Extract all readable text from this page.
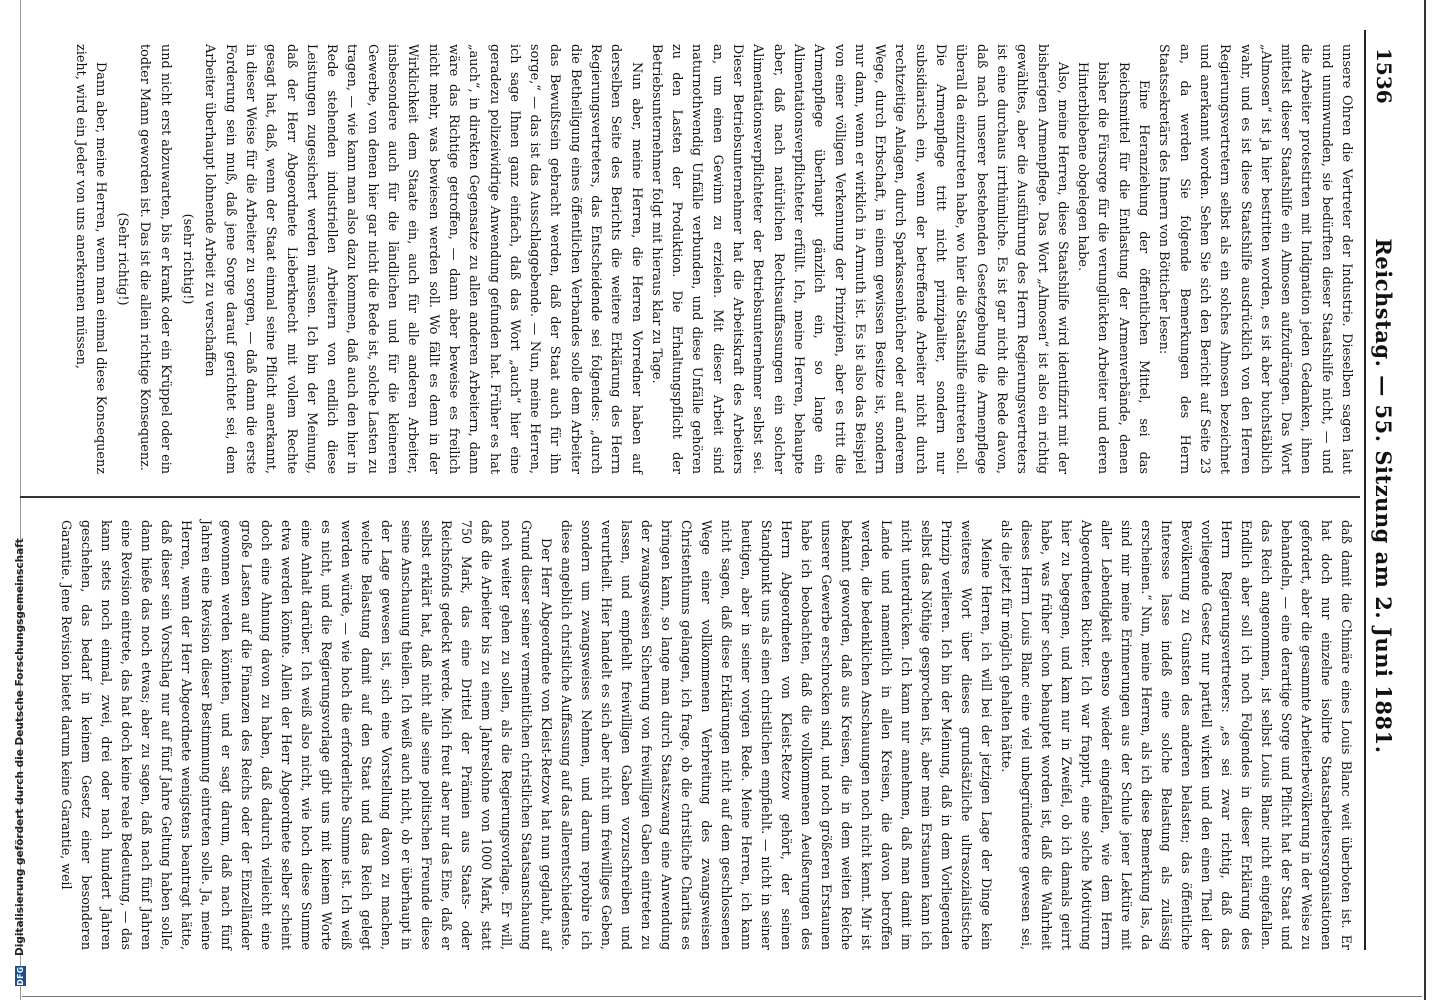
1536
Reichstag. — 55. Sitzung am 2. Juni 1881.

unsere Ohren die Vertreter der Industrie. Dieselben sagen laut und unumwunden, sie bedürften dieser Staatshilfe nicht, — und die Arbeiter protestirten mit Indignation jeden Gedanken, ihnen mittelst dieser Staatshilfe ein Almosen aufzudrängen. Das Wort „Almosen“ ist ja hier bestritten worden, es ist aber buchstäblich wahr, und es ist diese Staatshilfe ausdrücklich von den Herren Regierungsvertretern selbst als ein solches Almosen bezeichnet und anerkannt worden. Sehen Sie sich den Bericht auf Seite 23 an, da werden Sie folgende Bemerkungen des Herrn Staatssekretärs des Innern von Bötticher lesen:

Eine Heranziehung der öffentlichen Mittel, sei das Reichsmittel für die Entlastung der Armenverbände, denen bisher die Fürsorge für die verunglückten Arbeiter und deren Hinterbliebene obgelegen habe.

Also, meine Herren, diese Staatshilfe wird identifizirt mit der bisherigen Armenpflege. Das Wort „Almosen“ ist also ein richtig gewähltes, aber die Ausführung des Herrn Regierungsvertreters ist eine durchaus irrthümliche. Es ist gar nicht die Rede davon, daß nach unserer bestehenden Gesetzgebung die Armenpflege überall da einzutreten habe, wo hier die Staatshilfe eintreten soll. Die Armenpflege tritt nicht prinzipaliter, sondern nur subsidiarisch ein, wenn der betreffende Arbeiter nicht durch rechtzeitige Anlagen, durch Sparkassenbücher oder auf anderem Wege, durch Erbschaft, in einem gewissen Besitze ist, sondern nur dann, wenn er wirklich in Armuth ist. Es ist also das Beispiel von einer völligen Verkennung der Prinzipien, aber es tritt die Armenpflege überhaupt gänzlich ein, so lange ein Alimentationsverpflichteter erfüllt. Ich, meine Herren, behaupte aber, daß nach natürlichen Rechtsauffassungen ein solcher Alimentationsverpflichteter der Betriebsunternehmer selbst sei. Dieser Betriebsunternehmer hat die Arbeitskraft des Arbeiters an, um einen Gewinn zu erzielen. Mit dieser Arbeit sind naturnothwendig Unfälle verbunden, und diese Unfälle gehören zu den Lasten der Produktion. Die Erhaltungspflicht der Betriebsunternehmer folgt mit hieraus klar zu Tage.

Nun aber, meine Herren, die Herren Vorredner haben auf derselben Seite des Berichts die weitere Erklärung des Herrn Regierungsvertreters, das Entscheidende sei folgendes: „durch die Betheiligung eines öffentlichen Verbandes solle dem Arbeiter das Bewußtsein gebracht werden, daß der Staat auch für ihn sorge,“ — das ist das Ausschlaggebende. — Nun, meine Herren, ich sage Ihnen ganz einfach, daß das Wort „auch“ hier eine geradezu polizeiwidrige Anwendung gefunden hat. Früher es hat „auch“, in direkten Gegensatze zu allen anderen Arbeitern, dann wäre das Richtige getroffen, — dann aber beweise es freilich nicht mehr, was bewiesen werden soll. Wo fällt es denn in der Wirklichkeit dem Staate ein, auch für alle anderen Arbeiter, insbesondere auch für die ländlichen und für die kleineren Gewerbe, von denen hier gar nicht die Rede ist, solche Lasten zu tragen, — wie kann man also dazu kommen, daß auch den hier in Rede stehenden industriellen Arbeitern von endlich diese Leistungen zugesichert werden müssen. Ich bin der Meinung, daß der Herr Abgeordnete Lieberknecht mit vollem Rechte gesagt hat, daß, wenn der Staat einmal seine Pflicht anerkannt, in dieser Weise für die Arbeiter zu sorgen, — daß dann die erste Forderung sein muß, daß jene Sorge darauf gerichtet sei, dem Arbeiter überhaupt lohnende Arbeit zu verschaffen

(sehr richtig!)

und nicht erst abzuwarten, bis er krank oder ein Krüppel oder ein todter Mann geworden ist. Das ist die allein richtige Konsequenz.

(Sehr richtig!)

Dann aber, meine Herren, wenn man einmal diese Konsequenz zieht, wird ein Jeder von uns anerkennen müssen,

daß damit die Chimäre eines Louis Blanc weit überboten ist. Er hat doch nur einzelne isolirte Staatsarbeitersorganisationen gefordert, aber die gesammte Arbeiterbevölkerung in der Weise zu behandeln, — eine derartige Sorge und Pflicht hat der Staat und das Reich angenommen, ist selbst Louis Blanc nicht eingefallen. Endlich aber soll ich noch Folgendes in dieser Erklärung des Herrn Regierungsvertreters: „es sei zwar richtig, daß das vorliegende Gesetz nur partiell wirken und den einen Theil der Bevölkerung zu Gunsten des anderen belasten; das öffentliche Interesse lasse indeß eine solche Belastung als zulässig erscheinen.“ Nun, meine Herren, als ich diese Bemerkung las, da sind mir meine Erinnerungen aus der Schule jener Lektüre mit aller Lebendigkeit ebenso wieder eingefallen, wie dem Herrn Abgeordneten Richter. Ich war frappirt, eine solche Motivirung hier zu begegnen, und kam nur in Zweifel, ob ich damals geirrt habe, was früher schon behauptet worden ist, daß die Wahrheit dieses Herrn Louis Blanc eine viel unbegründetere gewesen sei, als die jetzt für möglich gehalten hätte.

Meine Herren, ich will bei der jetzigen Lage der Dinge kein weiteres Wort über dieses grundsätzliche ultrasozialistische Prinzip verlieren. Ich bin der Meinung, daß in dem Vorliegenden selbst das Nöthige gesprochen ist, aber mein Erstaunen kann ich nicht unterdrücken. Ich kann nur annehmen, daß man damit im Lande und namentlich in allen Kreisen, die davon betroffen werden, die bedenklichen Anschauungen noch nicht kennt. Mir ist bekannt geworden, daß aus Kreisen, die in dem weiten Reiche unserer Gewerbe erschrocken sind, und noch größeren Erstaunen habe ich beobachten, daß die vollkommenen Aeußerungen des Herrn Abgeordneten von Kleist-Retzow gehört, der seinen Standpunkt uns als einen christlichen empfiehlt. — nicht in seiner heutigen, aber in seiner vorigen Rede. Meine Herren, ich kann nicht sagen, daß diese Erklärungen nicht auf dem geschlossenen Wege einer vollkommenen Verbreitung des zwangsweisen Christenthums gelangen, ich frage, ob die christliche Charitas es bringen kann, so lange man durch Staatszwang eine Anwendung der zwangsweisen Sicherung von freiwilligen Gaben eintreten zu lassen, und empfiehlt freiwilligen Gaben vorzuschreiben und verurtheilt. Hier handelt es sich aber nicht um freiwilliges Geben, sondern um zwangsweises Nehmen, und darum reprobire ich diese angeblich christliche Auffassung auf das allerentschiedenste.

Der Herr Abgeordnete von Kleist-Retzow hat nun geglaubt, auf Grund dieser seiner vermeintlichen christlichen Staatsanschauung noch weiter gehen zu sollen, als die Regierungsvorlage. Er will, daß die Arbeiter bis zu einem Jahreslohne von 1000 Mark, statt 750 Mark, das eine Drittel der Prämien aus Staats- oder Reichsfonds gedeckt werde. Mich freut aber nur das Eine, daß er selbst erklärt hat, daß nicht alle seine politischen Freunde diese seine Anschauung theilen. Ich weiß auch nicht, ob er überhaupt in der Lage gewesen ist, sich eine Vorstellung davon zu machen, welche Belastung damit auf den Staat und das Reich gelegt werden würde, — wie hoch die erforderliche Summe ist. Ich weiß es nicht, und die Regierungsvorlage gibt uns mit keinem Worte eine Anhalt darüber. Ich weiß also nicht, wie hoch diese Summe etwa werden könnte. Allein der Herr Abgeordnete selber scheint doch eine Ahnung davon zu haben, daß dadurch vielleicht eine große Lasten auf die Finanzen des Reichs oder der Einzelländer gewonnen werden könnten, und er sagt darum, daß nach fünf Jahren eine Revision dieser Bestimmung eintreten solle. Ja, meine Herren, wenn der Herr Abgeordnete wenigstens beantragt hätte, daß dieser sein Vorschlag nur auf fünf Jahre Geltung haben solle, dann hieße das noch etwas; aber zu sagen, daß nach fünf Jahren eine Revision eintrete, das hat doch keine reale Bedeutung, — das kann stets noch einmal, zwei, drei oder nach hundert Jahren geschehen, das bedarf in keinem Gesetz einer besonderen Garantie. Jene Revision bietet darum keine Garantie, weil

DFG
Digitalisierung gefördert durch die Deutsche Forschungsgemeinschaft
